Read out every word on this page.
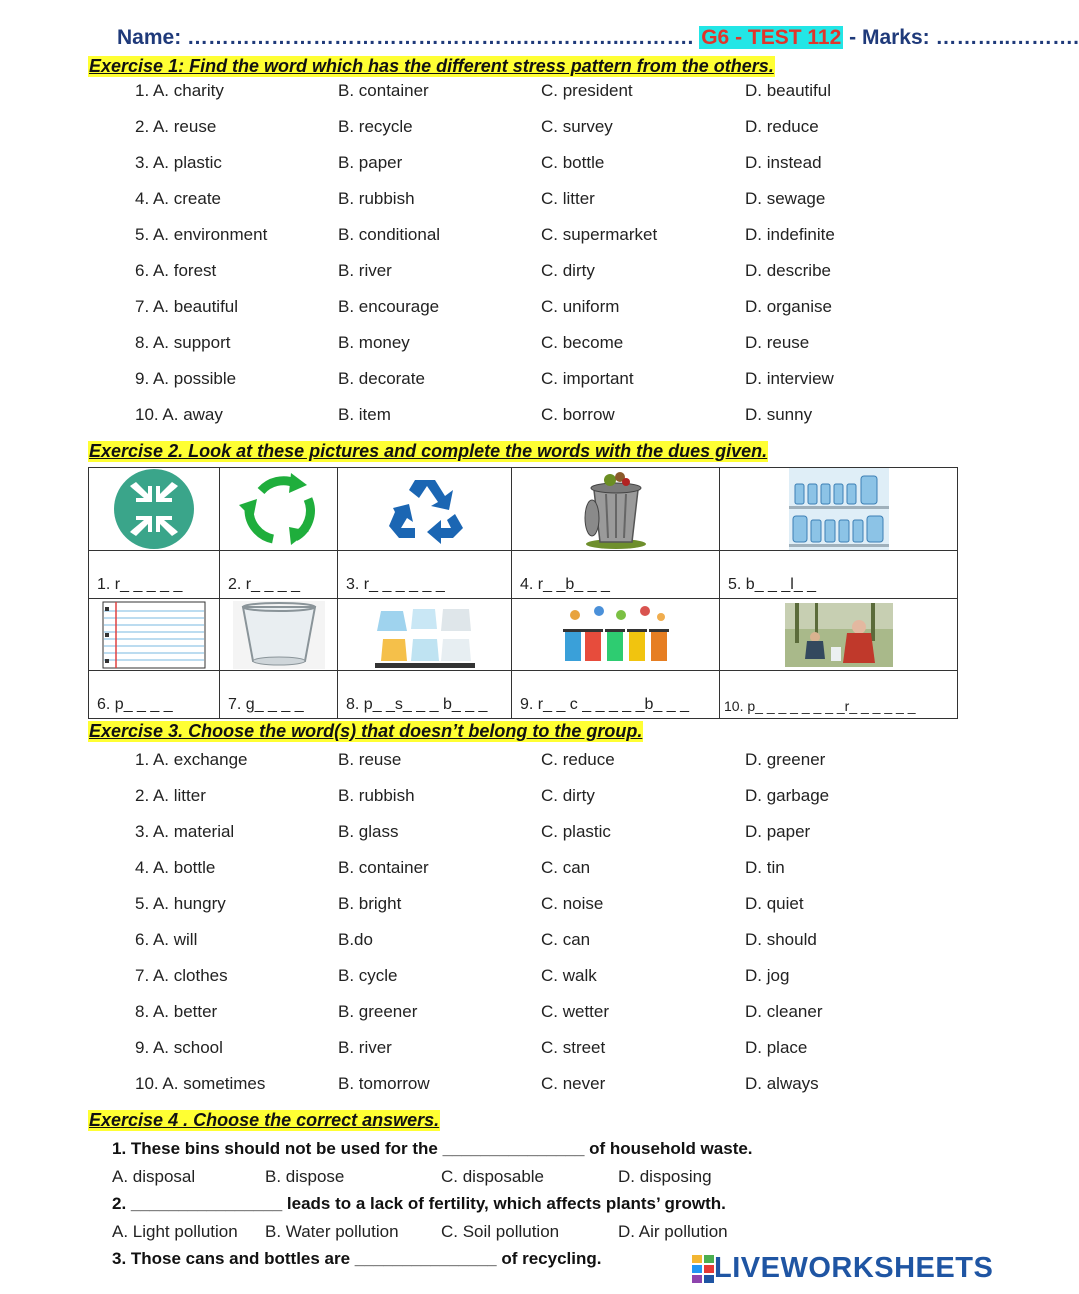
Name: ………………………………………….…………..………. G6 - TEST 112 - Marks: ………..……….
Exercise 1: Find the word which has the different stress pattern from the others.
1. A. charity	B. container	C. president	D. beautiful
2. A. reuse	B. recycle	C. survey	D. reduce
3. A. plastic	B. paper	C. bottle	D. instead
4. A. create	B. rubbish	C. litter	D. sewage
5. A. environment	B. conditional	C. supermarket	D. indefinite
6. A. forest	B. river	C. dirty	D. describe
7. A. beautiful	B. encourage	C. uniform	D. organise
8. A. support	B. money	C. become	D. reuse
9. A. possible	B. decorate	C. important	D. interview
10. A. away	B. item	C. borrow	D. sunny
Exercise 2. Look at these pictures and complete the words with the dues given.

1. r_ _ _ _ _	2. r_ _ _ _	3. r_ _ _ _ _ _	4. r_ _b_ _ _	5. b_ _ _l_ _

6. p_ _ _ _	7. g_ _ _ _	8. p_ _s_ _ _ b_ _ _	9. r_ _ c _ _ _ _ _b_ _ _	10. p_ _ _ _ _ _ _ _r_ _ _ _ _ _
Exercise 3. Choose the word(s) that doesn’t belong to the group.
1. A. exchange	B. reuse	C. reduce	D. greener
2. A. litter	B. rubbish	C. dirty	D. garbage
3. A. material	B. glass	C. plastic	D. paper
4. A. bottle	B. container	C. can	D. tin
5. A. hungry	B. bright	C. noise	D. quiet
6. A. will	B.do	C. can	D. should
7. A. clothes	B. cycle	C. walk	D. jog
8. A. better	B. greener	C. wetter	D. cleaner
9. A. school	B. river	C. street	D. place
10. A. sometimes	B. tomorrow	C. never	D. always
Exercise 4 . Choose the correct answers.
1. These bins should not be used for the _______________ of household waste.
A. disposal	B. dispose	C. disposable	D. disposing
2. ________________ leads to a lack of fertility, which affects plants’ growth.
A. Light pollution B. Water pollution C. Soil pollution	D. Air pollution
3. Those cans and bottles are _______________ of recycling.	LIVEWORKSHEETS
